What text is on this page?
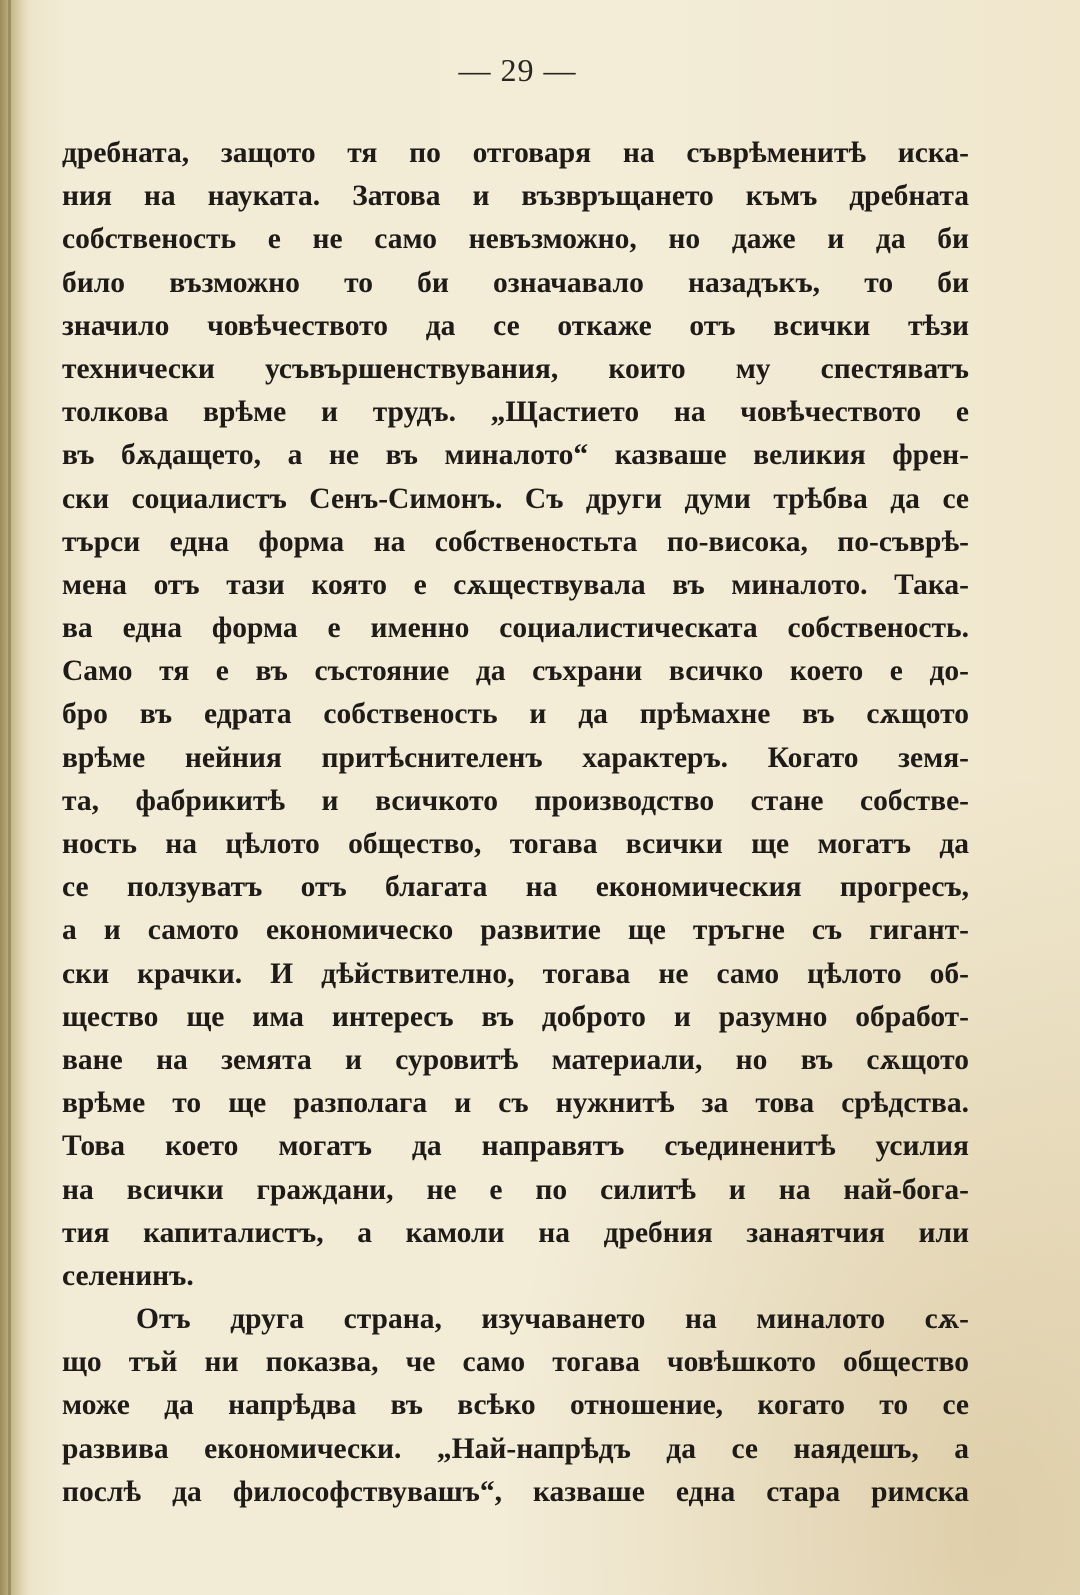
— 29 —
дребната, защото тя по отговаря на съврѣменитѣ иска-
ния на науката. Затова и възвръщането къмъ дребната
собственость е не само невъзможно, но даже и да би
било възможно то би означавало назадъкъ, то би
значило човѣчеството да се откаже отъ всички тѣзи
технически усъвършенствувания, които му спестяватъ
толкова врѣме и трудъ. „Щастието на човѣчеството е
въ бѫдащето, а не въ миналото“ казваше великия френ-
ски социалистъ Сенъ-Симонъ. Съ други думи трѣбва да се
търси една форма на собственостьта по-висока, по-съврѣ-
мена отъ тази която е сѫществувала въ миналото. Така-
ва една форма е именно социалистическата собственость.
Само тя е въ състояние да съхрани всичко което е до-
бро въ едрата собственость и да прѣмахне въ сѫщото
врѣме нейния притѣснителенъ характеръ. Когато земя-
та, фабрикитѣ и всичкото производство стане собстве-
ность на цѣлото общество, тогава всички ще могатъ да
се ползуватъ отъ благата на економическия прогресъ,
а и самото економическо развитие ще тръгне съ гигант-
ски крачки. И дѣйствително, тогава не само цѣлото об-
щество ще има интересъ въ доброто и разумно обработ-
ване на земята и суровитѣ материали, но въ сѫщото
врѣме то ще разполага и съ нужнитѣ за това срѣдства.
Това което могатъ да направятъ съединенитѣ усилия
на всички граждани, не е по силитѣ и на най-бога-
тия капиталистъ, а камоли на дребния занаятчия или
селенинъ.
Отъ друга страна, изучаването на миналото сѫ-
що тъй ни показва, че само тогава човѣшкото общество
може да напрѣдва въ всѣко отношение, когато то се
развива економически. „Най-напрѣдъ да се наядешъ, а
послѣ да философствувашъ“, казваше една стара римска
